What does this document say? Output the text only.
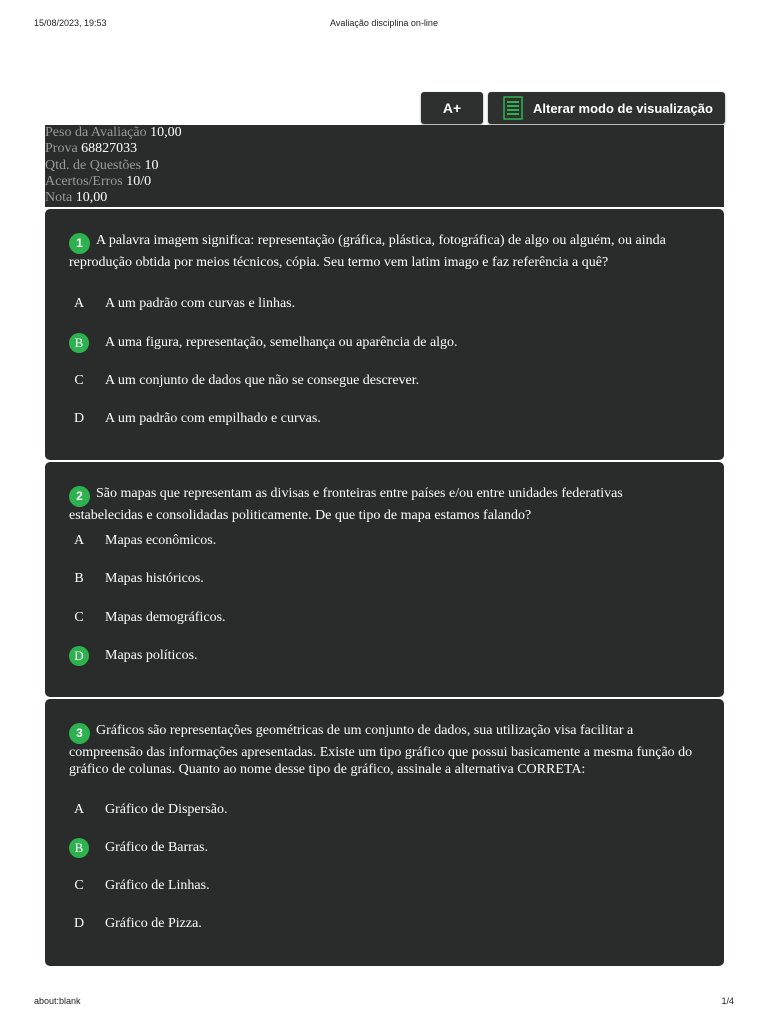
15/08/2023, 19:53	Avaliação disciplina on-line
A+	Alterar modo de visualização
Peso da Avaliação 10,00
Prova 68827033
Qtd. de Questões 10
Acertos/Erros 10/0
Nota 10,00
1 A palavra imagem significa: representação (gráfica, plástica, fotográfica) de algo ou alguém, ou ainda reprodução obtida por meios técnicos, cópia. Seu termo vem latim imago e faz referência a quê?
A	A um padrão com curvas e linhas.
B	A uma figura, representação, semelhança ou aparência de algo.
C	A um conjunto de dados que não se consegue descrever.
D	A um padrão com empilhado e curvas.
2 São mapas que representam as divisas e fronteiras entre países e/ou entre unidades federativas estabelecidas e consolidadas politicamente. De que tipo de mapa estamos falando?
A	Mapas econômicos.
B	Mapas históricos.
C	Mapas demográficos.
D	Mapas políticos.
3 Gráficos são representações geométricas de um conjunto de dados, sua utilização visa facilitar a compreensão das informações apresentadas. Existe um tipo gráfico que possui basicamente a mesma função do gráfico de colunas. Quanto ao nome desse tipo de gráfico, assinale a alternativa CORRETA:
A	Gráfico de Dispersão.
B	Gráfico de Barras.
C	Gráfico de Linhas.
D	Gráfico de Pizza.
about:blank	1/4
